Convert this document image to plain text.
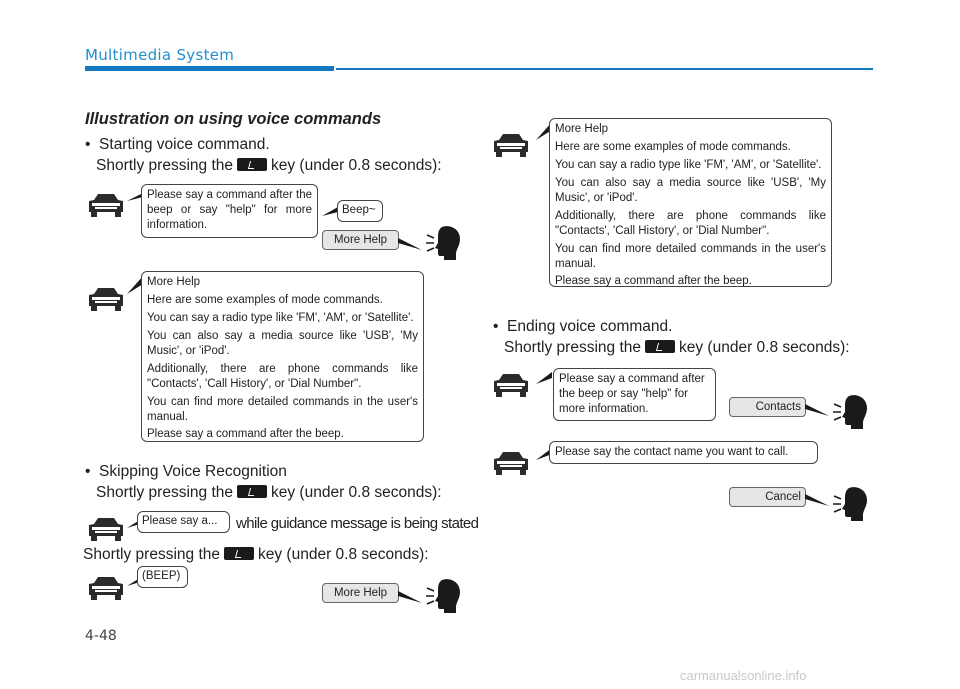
Multimedia System
Illustration on using voice commands
•  Starting voice command.
Shortly pressing the key (under 0.8 seconds):

Please say a command after the beep or say "help" for more information.

Beep~
More Help

More Help

Here are some examples of mode commands.

You can say a radio type like 'FM', 'AM', or 'Satellite'.

You can also say a media source like 'USB', 'My Music', or 'iPod'.

Additionally, there are phone commands like "Contacts', 'Call History', or 'Dial Number".

You can find more detailed commands in the user's manual.

Please say a command after the beep.

•  Skipping Voice Recognition
Shortly pressing the key (under 0.8 seconds):
Please say a...	while guidance message is being stated
Shortly pressing the key (under 0.8 seconds):
(BEEP)
More Help

More Help

Here are some examples of mode commands.

You can say a radio type like 'FM', 'AM', or 'Satellite'.

You can also say a media source like 'USB', 'My Music', or 'iPod'.

Additionally, there are phone commands like "Contacts', 'Call History', or 'Dial Number".

You can find more detailed commands in the user's manual.

Please say a command after the beep.

•  Ending voice command.
Shortly pressing the key (under 0.8 seconds):

Please say a command after the beep or say "help" for more information.	Contacts
Please say the contact name you want to call.
Cancel
4-48
carmanualsonline.info
